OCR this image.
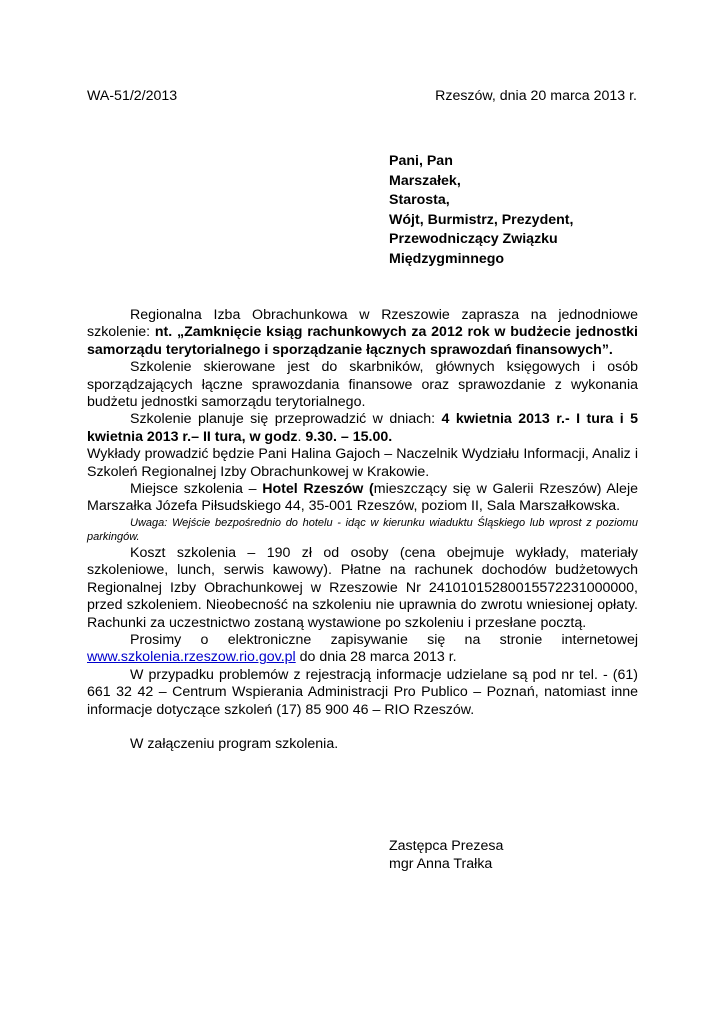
WA-51/2/2013	Rzeszów, dnia 20 marca 2013 r.
Pani, Pan
Marszałek,
Starosta,
Wójt, Burmistrz, Prezydent,
Przewodniczący Związku
Międzygminnego

Regionalna Izba Obrachunkowa w Rzeszowie zaprasza na jednodniowe szkolenie: nt. „Zamknięcie ksiąg rachunkowych za 2012 rok w budżecie jednostki samorządu terytorialnego i sporządzanie łącznych sprawozdań finansowych”.

Szkolenie skierowane jest do skarbników, głównych księgowych i osób sporządzających łączne sprawozdania finansowe oraz sprawozdanie z wykonania budżetu jednostki samorządu terytorialnego.

Szkolenie planuje się przeprowadzić w dniach: 4 kwietnia 2013 r.- I tura i 5 kwietnia 2013 r.– II tura, w godz. 9.30. – 15.00.

Wykłady prowadzić będzie Pani Halina Gajoch – Naczelnik Wydziału Informacji, Analiz i Szkoleń Regionalnej Izby Obrachunkowej w Krakowie.

Miejsce szkolenia – Hotel Rzeszów (mieszczący się w Galerii Rzeszów) Aleje Marszałka Józefa Piłsudskiego 44, 35-001 Rzeszów, poziom II, Sala Marszałkowska.

Uwaga: Wejście bezpośrednio do hotelu - idąc w kierunku wiaduktu Śląskiego lub wprost z poziomu parkingów.

Koszt szkolenia – 190 zł od osoby (cena obejmuje wykłady, materiały szkoleniowe, lunch, serwis kawowy). Płatne na rachunek dochodów budżetowych Regionalnej Izby Obrachunkowej w Rzeszowie Nr 24101015280015572231000000, przed szkoleniem. Nieobecność na szkoleniu nie uprawnia do zwrotu wniesionej opłaty. Rachunki za uczestnictwo zostaną wystawione po szkoleniu i przesłane pocztą.

Prosimy o elektroniczne zapisywanie się na stronie internetowej www.szkolenia.rzeszow.rio.gov.pl do dnia 28 marca 2013 r.

W przypadku problemów z rejestracją informacje udzielane są pod nr tel. - (61) 661 32 42 – Centrum Wspierania Administracji Pro Publico – Poznań, natomiast inne informacje dotyczące szkoleń (17) 85 900 46 – RIO Rzeszów.

W załączeniu program szkolenia.

Zastępca Prezesa
mgr Anna Trałka
